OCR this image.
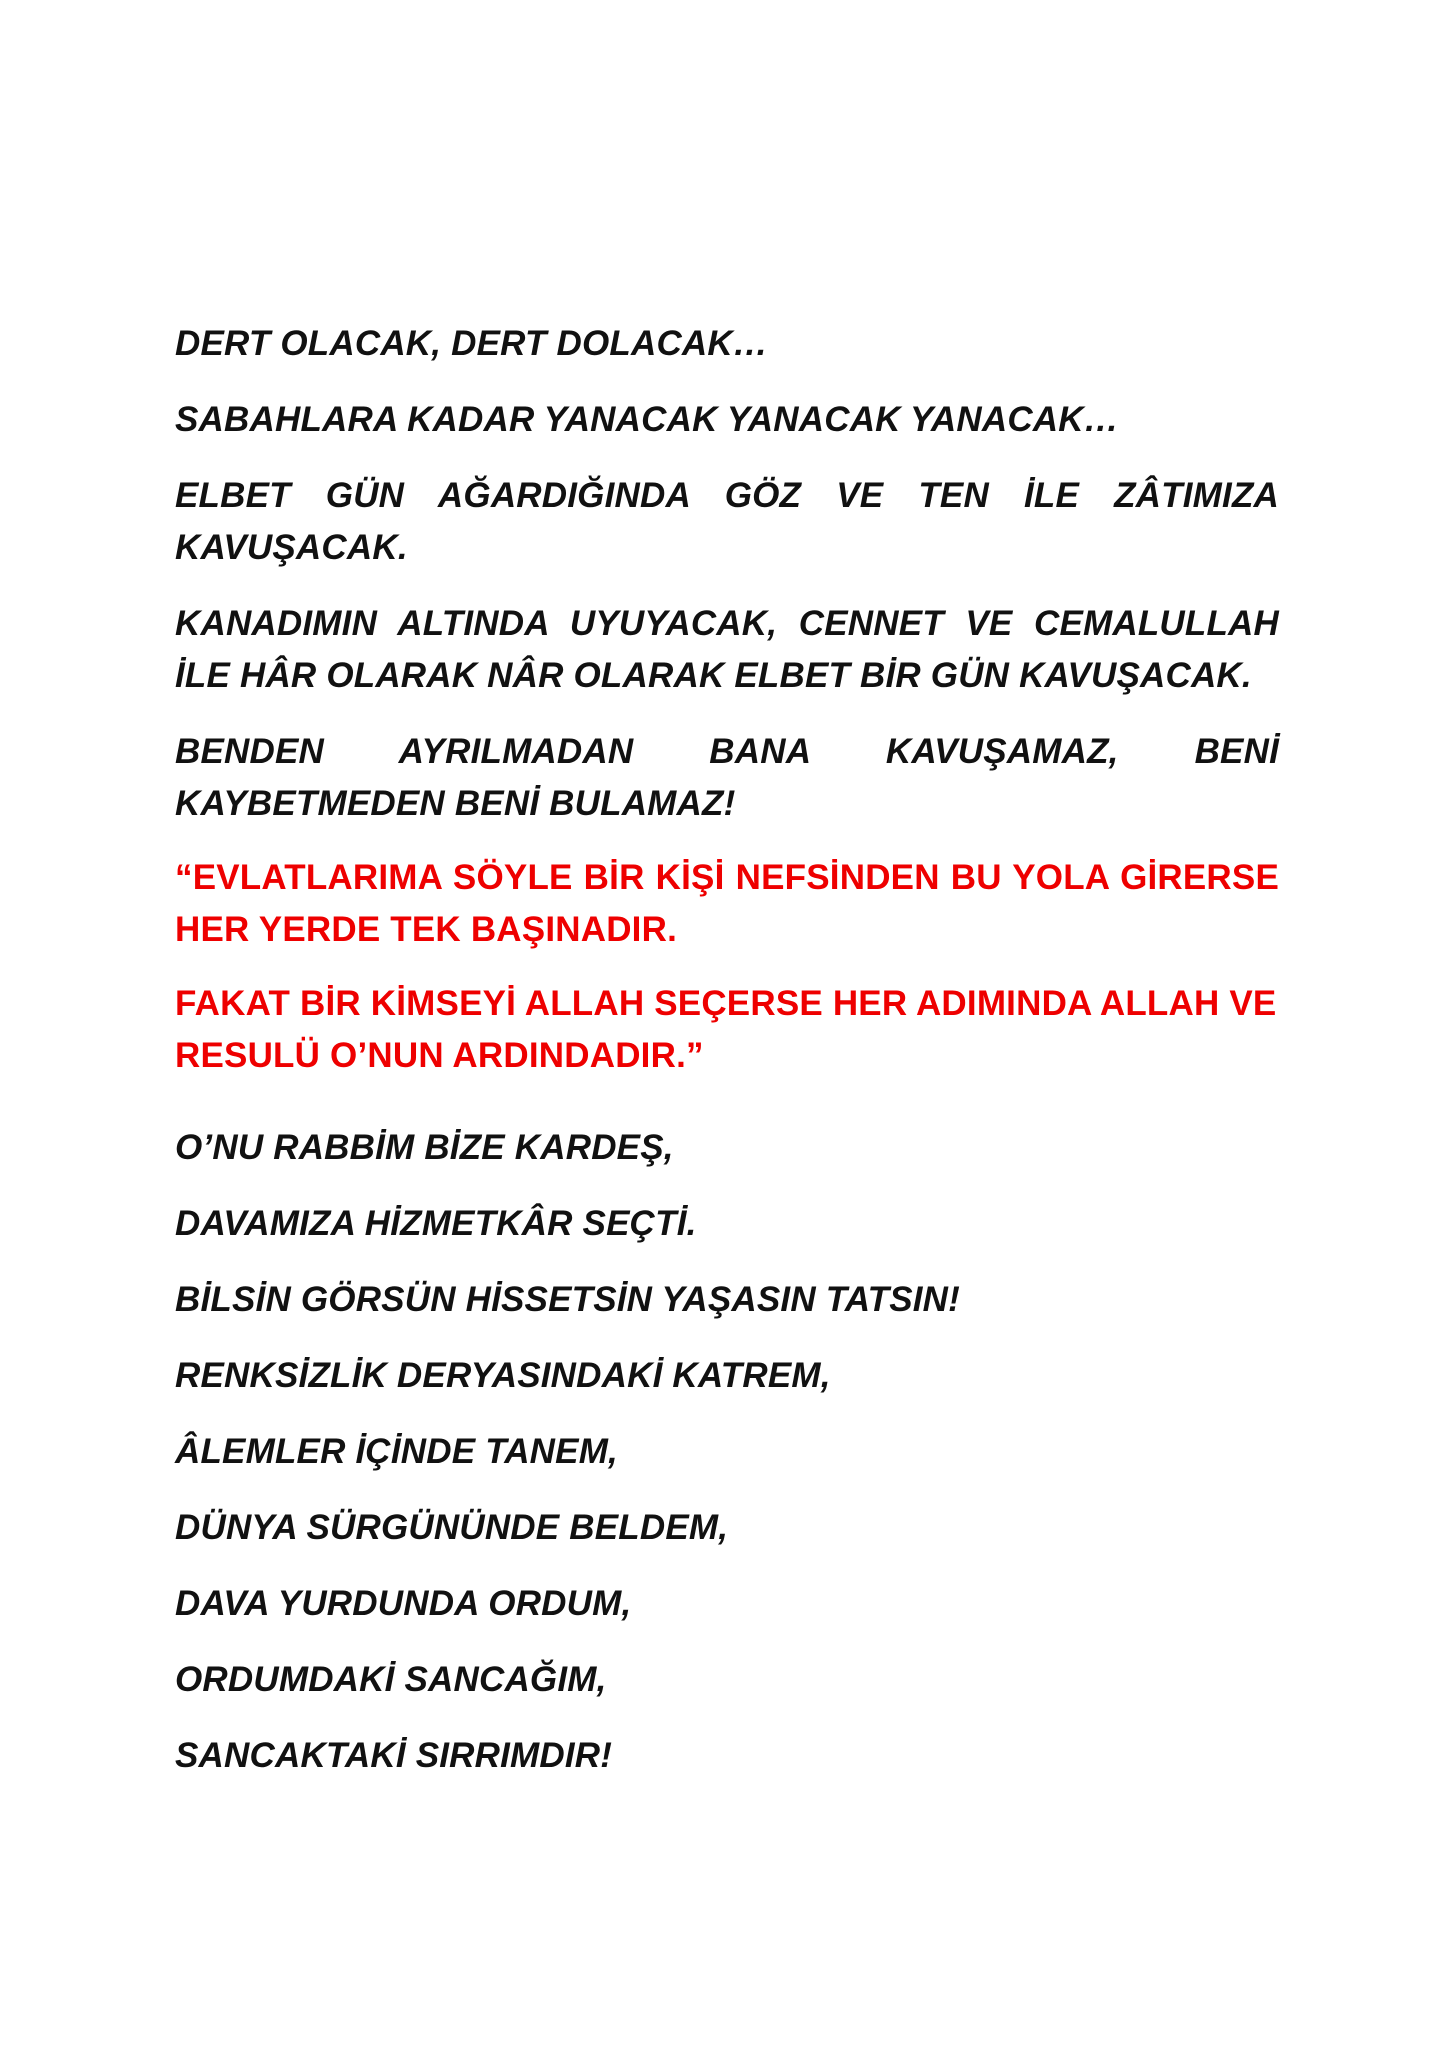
DERT OLACAK, DERT DOLACAK…

SABAHLARA KADAR YANACAK YANACAK YANACAK…

ELBET GÜN AĞARDIĞINDA GÖZ VE TEN İLE ZÂTIMIZA KAVUŞACAK.

KANADIMIN ALTINDA UYUYACAK, CENNET VE CEMALULLAH İLE HÂR OLARAK NÂR OLARAK ELBET BİR GÜN KAVUŞACAK.

BENDEN AYRILMADAN BANA KAVUŞAMAZ, BENİ KAYBETMEDEN BENİ BULAMAZ!

“EVLATLARIMA SÖYLE BİR KİŞİ NEFSİNDEN BU YOLA GİRERSE HER YERDE TEK BAŞINADIR.

FAKAT BİR KİMSEYİ ALLAH SEÇERSE HER ADIMINDA ALLAH VE RESULÜ O’NUN ARDINDADIR.”

O’NU RABBİM BİZE KARDEŞ,

DAVAMIZA HİZMETKÂR SEÇTİ.

BİLSİN GÖRSÜN HİSSETSİN YAŞASIN TATSIN!

RENKSİZLİK DERYASINDAKİ KATREM,

ÂLEMLER İÇİNDE TANEM,

DÜNYA SÜRGÜNÜNDE BELDEM,

DAVA YURDUNDA ORDUM,

ORDUMDAKİ SANCAĞIM,

SANCAKTAKİ SIRRIMDIR!
